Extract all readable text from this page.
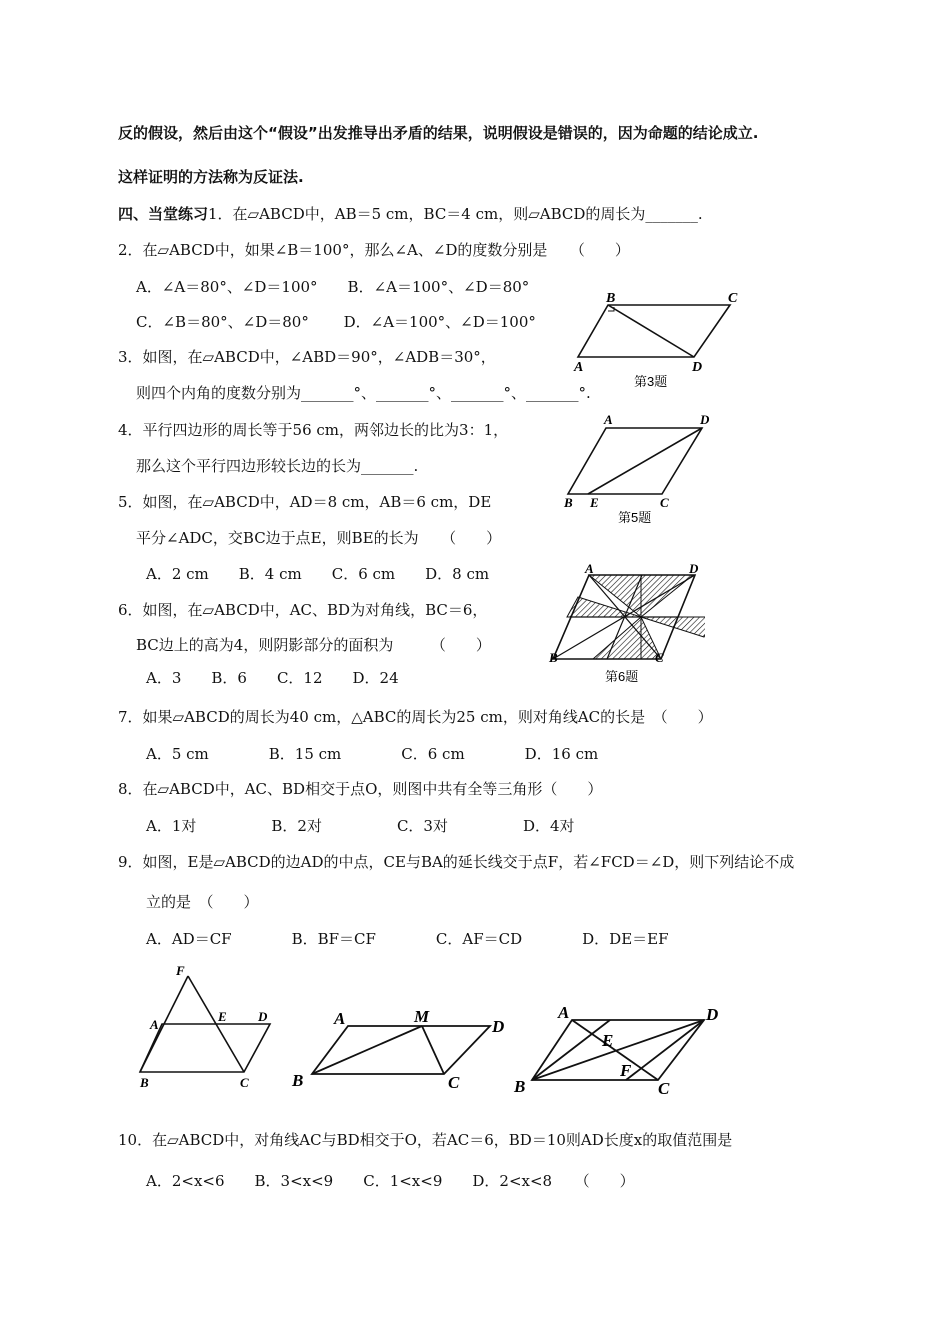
反的假设，然后由这个“假设”出发推导出矛盾的结果，说明假设是错误的，因为命题的结论成立.
这样证明的方法称为反证法.
四、当堂练习1．在▱ABCD中，AB＝5 cm，BC＝4 cm，则▱ABCD的周长为_______.
2．在▱ABCD中，如果∠B＝100°，那么∠A、∠D的度数分别是　　（　　）
A．∠A＝80°、∠D＝100°　　B．∠A＝100°、∠D＝80°
C．∠B＝80°、∠D＝80°　　 D．∠A＝100°、∠D＝100°
3．如图，在▱ABCD中，∠ABD＝90°，∠ADB＝30°，
则四个内角的度数分别为_______°、_______°、_______°、_______°.
4．平行四边形的周长等于56 cm，两邻边长的比为3：1，
那么这个平行四边形较长边的长为_______.
5．如图，在▱ABCD中，AD＝8 cm，AB＝6 cm，DE
平分∠ADC，交BC边于点E，则BE的长为　　（　　）
A．2 cm　　B．4 cm　　C．6 cm　　D．8 cm
6．如图，在▱ABCD中，AC、BD为对角线，BC＝6，
BC边上的高为4，则阴影部分的面积为　　　（　　）
A．3　　B．6　　C．12　　D．24
7．如果▱ABCD的周长为40 cm，△ABC的周长为25 cm，则对角线AC的长是　（　　）
A．5 cm　　　　B．15 cm　　　　C．6 cm　　　　D．16 cm
8．在▱ABCD中，AC、BD相交于点O，则图中共有全等三角形（　　）
A．1对　　　　　B．2对　　　　　C．3对　　　　　D．4对
9．如图，E是▱ABCD的边AD的中点，CE与BA的延长线交于点F，若∠FCD＝∠D，则下列结论不成
立的是　（　　）
A．AD＝CF　　　　B．BF＝CF　　　　C．AF＝CD　　　　D．DE＝EF
10．在▱ABCD中，对角线AC与BD相交于O，若AC＝6，BD＝10则AD长度x的取值范围是
A．2<x<6　　B．3<x<9　　C．1<x<9　　D．2<x<8　　（　　）
B	C
A	D
第3题
A	D
B E	C
第5题
A	D
B	C
第6题
F
A
E D
B	C
A	M
D
B	C
A	D
E
F
B	C
